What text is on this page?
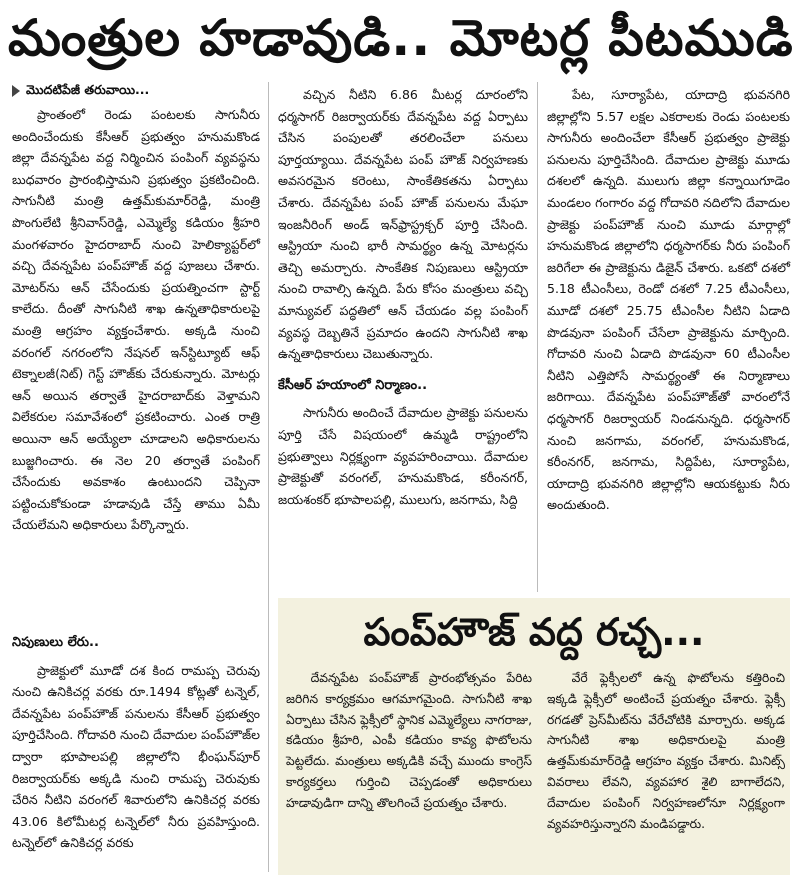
మంత్రుల హడావుడి.. మోటర్ల పీటముడి
మొదటిపేజీ తరువాయి...

ప్రాంతంలో రెండు పంటలకు సాగునీరు అందించేందుకు కేసీఆర్ ప్రభుత్వం హనుమకొండ జిల్లా దేవన్నపేట వద్ద నిర్మించిన పంపింగ్ వ్యవస్థను బుధవారం ప్రారంభిస్తామని ప్రభుత్వం ప్రకటించింది. సాగునీటి మంత్రి ఉత్తమ్‌కుమార్‌రెడ్డి, మంత్రి పొంగులేటి శ్రీనివాస్‌రెడ్డి, ఎమ్మెల్యే కడియం శ్రీహరి మంగళవారం హైదరాబాద్ నుంచి హెలిక్యాప్టర్‌లో వచ్చి దేవన్నపేట పంప్‌హౌజ్ వద్ద పూజలు చేశారు. మోటర్‌ను ఆన్ చేసేందుకు ప్రయత్నించగా స్టార్ట్ కాలేదు. దీంతో సాగునీటి శాఖ ఉన్నతాధికారులపై మంత్రి ఆగ్రహం వ్యక్తంచేశారు. అక్కడి నుంచి వరంగల్ నగరంలోని నేషనల్ ఇన్‌స్టిట్యూట్ ఆఫ్ టెక్నాలజీ(నిట్) గెస్ట్ హౌజ్‌కు చేరుకున్నారు. మోటర్లు ఆన్ అయిన తర్వాతే హైదరాబాద్‌కు వెళ్తామని విలేకరుల సమావేశంలో ప్రకటించారు. ఎంత రాత్రి అయినా ఆన్ అయ్యేలా చూడాలని అధికారులను బుజ్జగించారు. ఈ నెల 20 తర్వాతే పంపింగ్ చేసేందుకు అవకాశం ఉంటుందని చెప్పినా పట్టించుకోకుండా హడావుడి చేస్తే తాము ఏమీ చేయలేమని అధికారులు పేర్కొన్నారు.

నిపుణులు లేరు..

ప్రాజెక్టులో మూడో దశ కింద రామప్ప చెరువు నుంచి ఉనికిచర్ల వరకు రూ.1494 కోట్లతో టన్నెల్, దేవన్నపేట పంప్‌హౌజ్ పనులను కేసీఆర్ ప్రభుత్వం పూర్తిచేసింది. గోదావరి నుంచి దేవాదుల పంప్‌హౌజ్‌ల ద్వారా భూపాలపల్లి జిల్లాలోని భీంఘన్‌పూర్ రిజర్వాయర్‌కు అక్కడి నుంచి రామప్ప చెరువుకు చేరిన నీటిని వరంగల్ శివారులోని ఉనికిచర్ల వరకు 43.06 కిలోమీటర్ల టన్నెల్‌లో నీరు ప్రవహిస్తుంది. టన్నెల్‌లో ఉనికిచర్ల వరకు

వచ్చిన నీటిని 6.86 మీటర్ల దూరంలోని ధర్మసాగర్ రిజర్వాయర్‌కు దేవన్నపేట వద్ద ఏర్పాటు చేసిన పంపులతో తరలించేలా పనులు పూర్తయ్యాయి. దేవన్నపేట పంప్ హౌజ్ నిర్వహణకు అవసరమైన కరెంటు, సాంకేతికతను ఏర్పాటు చేశారు. దేవన్నపేట పంప్ హౌజ్ పనులను మేఘా ఇంజనీరింగ్ అండ్ ఇన్‌ఫ్రాస్ట్రక్చర్ పూర్తి చేసింది. ఆస్ట్రియా నుంచి భారీ సామర్థ్యం ఉన్న మోటర్లను తెచ్చి అమర్చారు. సాంకేతిక నిపుణులు ఆస్ట్రియా నుంచి రావాల్సి ఉన్నది. పేరు కోసం మంత్రులు వచ్చి మాన్యువల్ పద్ధతిలో ఆన్ చేయడం వల్ల పంపింగ్ వ్యవస్థ దెబ్బతినే ప్రమాదం ఉందని సాగునీటి శాఖ ఉన్నతాధికారులు చెబుతున్నారు.

కేసీఆర్ హయాంలో నిర్మాణం..

సాగునీరు అందించే దేవాదుల ప్రాజెక్టు పనులను పూర్తి చేసే విషయంలో ఉమ్మడి రాష్ట్రంలోని ప్రభుత్వాలు నిర్లక్ష్యంగా వ్యవహరించాయి. దేవాదుల ప్రాజెక్టుతో వరంగల్, హనుమకొండ, కరీంనగర్, జయశంకర్ భూపాలపల్లి, ములుగు, జనగామ, సిద్ది

పేట, సూర్యాపేట, యాదాద్రి భువనగిరి జిల్లాల్లోని 5.57 లక్షల ఎకరాలకు రెండు పంటలకు సాగునీరు అందించేలా కేసీఆర్ ప్రభుత్వం ప్రాజెక్టు పనులను పూర్తిచేసింది. దేవాదుల ప్రాజెక్టు మూడు దశలలో ఉన్నది. ములుగు జిల్లా కన్నాయిగూడెం మండలం గంగారం వద్ద గోదావరి నదిలోని దేవాదుల ప్రాజెక్టు పంప్‌హౌజ్ నుంచి మూడు మార్గాల్లో హనుమకొండ జిల్లాలోని ధర్మసాగర్‌కు నీరు పంపింగ్ జరిగేలా ఈ ప్రాజెక్టును డిజైన్ చేశారు. ఒకటో దశలో 5.18 టీఎంసీలు, రెండో దశలో 7.25 టీఎంసీలు, మూడో దశలో 25.75 టీఎంసీల నీటిని ఏడాది పొడవునా పంపింగ్ చేసేలా ప్రాజెక్టును మార్చింది. గోదావరి నుంచి ఏడాది పొడవునా 60 టీఎంసీల నీటిని ఎత్తిపోసే సామర్థ్యంతో ఈ నిర్మాణాలు జరిగాయి. దేవన్నపేట పంప్‌హౌజ్‌తో వారంలోనే ధర్మసాగర్ రిజర్వాయర్ నిండనున్నది. ధర్మసాగర్ నుంచి జనగామ, వరంగల్, హనుమకొండ, కరీంనగర్, జనగామ, సిద్దిపేట, సూర్యాపేట, యాదాద్రి భువనగిరి జిల్లాల్లోని ఆయకట్టుకు నీరు అందుతుంది.

పంప్‌హౌజ్ వద్ద రచ్చ...

దేవన్నపేట పంప్‌హౌజ్ ప్రారంభోత్సవం పేరిట జరిగిన కార్యక్రమం ఆగమాగమైంది. సాగునీటి శాఖ ఏర్పాటు చేసిన ఫ్లెక్సీలో స్థానిక ఎమ్మెల్యేలు నాగరాజు, కడియం శ్రీహరి, ఎంపీ కడియం కావ్య ఫొటోలను పెట్టలేదు. మంత్రులు అక్కడికి వచ్చే ముందు కాంగ్రెస్ కార్యకర్తలు గుర్తించి చెప్పడంతో అధికారులు హడావుడిగా దాన్ని తొలగించే ప్రయత్నం చేశారు.

వేరే ఫ్లెక్సీలలో ఉన్న ఫొటోలను కత్తిరించి ఇక్కడి ఫ్లెక్సీలో అంటించే ప్రయత్నం చేశారు. ఫ్లెక్సీ రగడతో ప్రెస్‌మీట్‌ను వేరేచోటికి మార్చారు. అక్కడ సాగునీటి శాఖ అధికారులపై మంత్రి ఉత్తమ్‌కుమార్‌రెడ్డి ఆగ్రహం వ్యక్తం చేశారు. మినిట్స్ వివరాలు లేవని, వ్యవహార శైలి బాగాలేదని, దేవాదుల పంపింగ్ నిర్వహణలోనూ నిర్లక్ష్యంగా వ్యవహరిస్తున్నారని మండిపడ్డారు.
